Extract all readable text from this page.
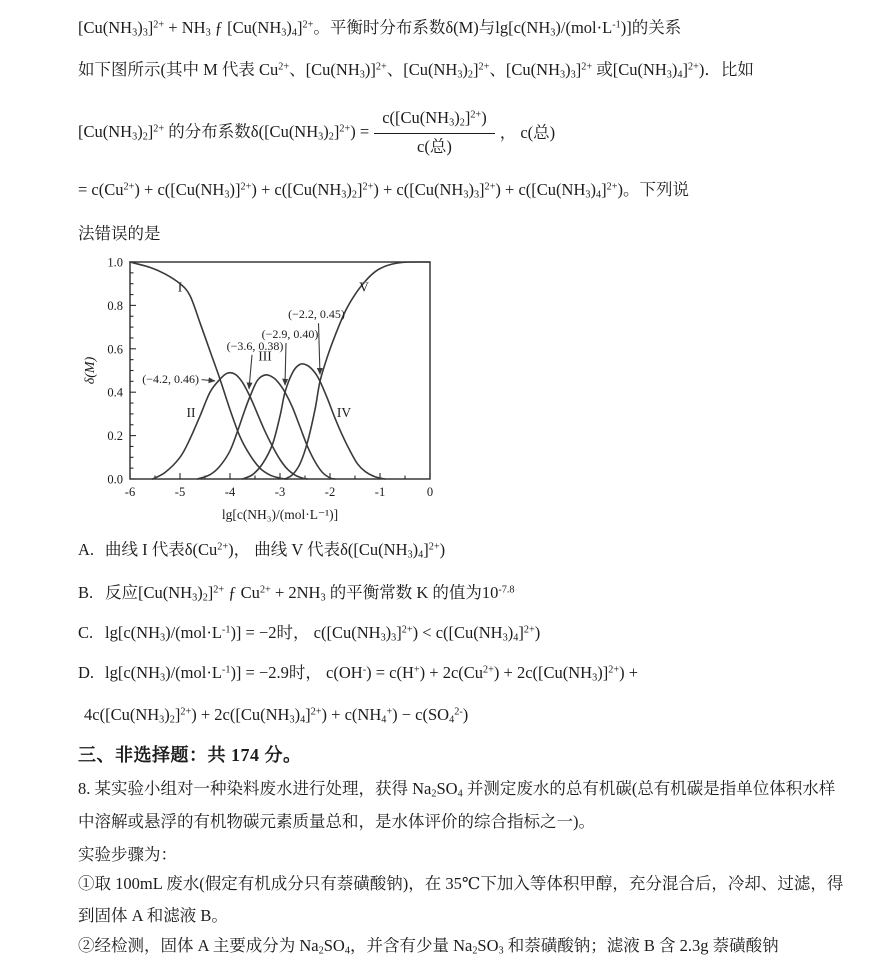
$[Cu(NH_3)_3]^{2+} + NH_3$ ƒ $[Cu(NH_3)_4]^{2+}$。平衡时分布系数δ(M)与$\lg[c(NH_3)/(mol\cdot L^{-1})]$的关系
如下图所示(其中 M 代表 $Cu^{2+}$、$[Cu(NH_3)]^{2+}$、$[Cu(NH_3)_2]^{2+}$、$[Cu(NH_3)_3]^{2+}$ 或$[Cu(NH_3)_4]^{2+}$)．比如
$[Cu(NH_3)_2]^{2+}$ 的分布系数$\delta([Cu(NH_3)_2]^{2+}) = \frac{c([Cu(NH_3)_2]^{2+})}{\text{c(总)}}$ ， c(总)
= $c(Cu^{2+}) + c([Cu(NH_3)]^{2+}) + c([Cu(NH_3)_2]^{2+}) + c([Cu(NH_3)_3]^{2+}) + c([Cu(NH_3)_4]^{2+})$。下列说
法错误的是
-6	-5	-4	-3	-2	-1	0
0.0
0.2
0.4
0.6
0.8
1.0
lg[c(NH₃)/(mol·L⁻¹)]
δ(M)
I
II
III
IV
V
(−4.2, 0.46)
(−3.6, 0.38)
(−2.9, 0.40)
(−2.2, 0.45)
A. 曲线 I 代表$\delta(Cu^{2+})$， 曲线 V 代表$\delta([Cu(NH_3)_4]^{2+})$
B. 反应$[Cu(NH_3)_2]^{2+}$ ƒ $Cu^{2+} + 2NH_3$ 的平衡常数 K 的值为$10^{-7.8}$
C. $\lg[c(NH_3)/(mol\cdot L^{-1})] = -2$时， $c([Cu(NH_3)_3]^{2+}) < c([Cu(NH_3)_4]^{2+})$
D. $\lg[c(NH_3)/(mol\cdot L^{-1})] = -2.9$时， $c(OH^-) = c(H^+) + 2c(Cu^{2+}) + 2c([Cu(NH_3)]^{2+})$ +
$4c([Cu(NH_3)_2]^{2+}) + 2c([Cu(NH_3)_4]^{2+}) + c(NH_4^+) - c(SO_4^{2-})$
三、非选择题：共 174 分。
8. 某实验小组对一种染料废水进行处理，获得 $Na_2SO_4$ 并测定废水的总有机碳(总有机碳是指单位体积水样
中溶解或悬浮的有机物碳元素质量总和，是水体评价的综合指标之一)。
实验步骤为：
①取 100mL 废水(假定有机成分只有萘磺酸钠)，在 35℃下加入等体积甲醇，充分混合后，冷却、过滤，得
到固体 A 和滤液 B。
②经检测，固体 A 主要成分为 $Na_2SO_4$，并含有少量 $Na_2SO_3$ 和萘磺酸钠；滤液 B 含 2.3g 萘磺酸钠
